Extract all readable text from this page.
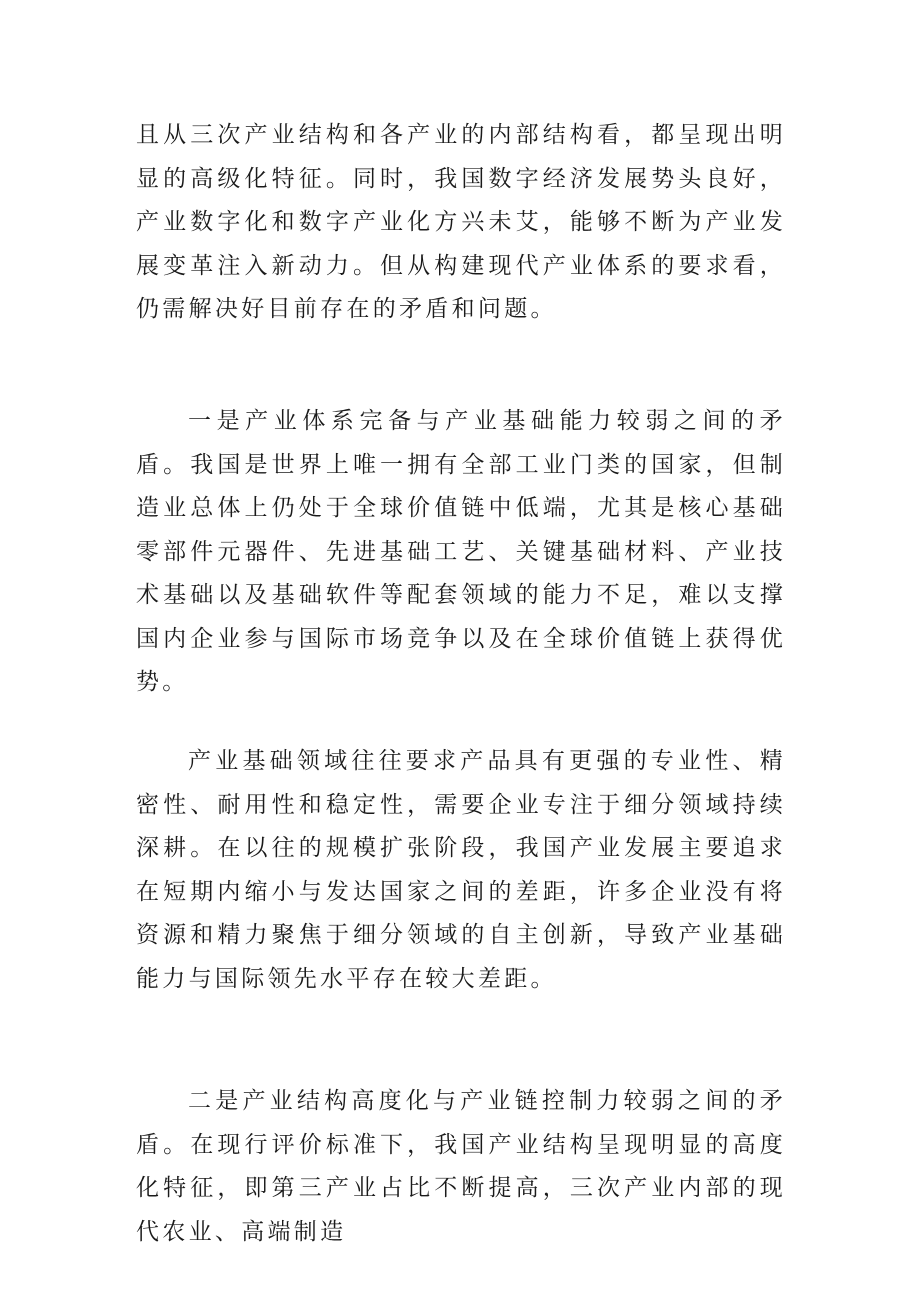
且从三次产业结构和各产业的内部结构看，都呈现出明显的高级化特征。同时，我国数字经济发展势头良好，产业数字化和数字产业化方兴未艾，能够不断为产业发展变革注入新动力。但从构建现代产业体系的要求看，仍需解决好目前存在的矛盾和问题。

一是产业体系完备与产业基础能力较弱之间的矛盾。我国是世界上唯一拥有全部工业门类的国家，但制造业总体上仍处于全球价值链中低端，尤其是核心基础零部件元器件、先进基础工艺、关键基础材料、产业技术基础以及基础软件等配套领域的能力不足，难以支撑国内企业参与国际市场竞争以及在全球价值链上获得优势。

产业基础领域往往要求产品具有更强的专业性、精密性、耐用性和稳定性，需要企业专注于细分领域持续深耕。在以往的规模扩张阶段，我国产业发展主要追求在短期内缩小与发达国家之间的差距，许多企业没有将资源和精力聚焦于细分领域的自主创新，导致产业基础能力与国际领先水平存在较大差距。

二是产业结构高度化与产业链控制力较弱之间的矛盾。在现行评价标准下，我国产业结构呈现明显的高度化特征，即第三产业占比不断提高，三次产业内部的现代农业、高端制造
